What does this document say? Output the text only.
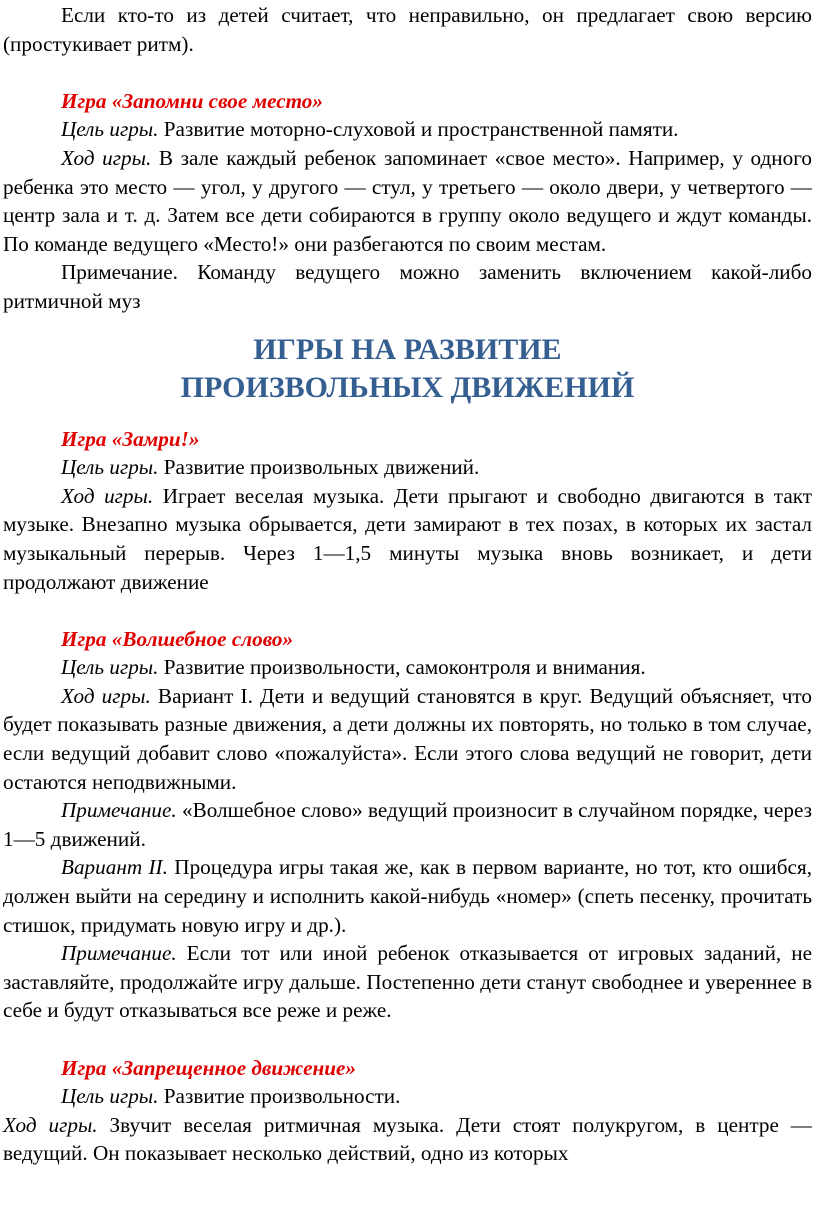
Если кто-то из детей считает, что неправильно, он предлагает свою версию (простукивает ритм).

Игра «Запомни свое место»

Цель игры. Развитие моторно-слуховой и пространственной памяти.

Ход игры. В зале каждый ребенок запоминает «свое место». Например, у одного ребенка это место — угол, у другого — стул, у третьего — около двери, у четвертого — центр зала и т. д. Затем все дети собираются в группу около ведущего и ждут команды. По команде ведущего «Место!» они разбегаются по своим местам.

Примечание. Команду ведущего можно заменить включением какой-либо ритмичной муз

ИГРЫ НА РАЗВИТИЕ
ПРОИЗВОЛЬНЫХ ДВИЖЕНИЙ

Игра «Замри!»

Цель игры. Развитие произвольных движений.

Ход игры. Играет веселая музыка. Дети прыгают и свободно двигаются в такт музыке. Внезапно музыка обрывается, дети замирают в тех позах, в которых их застал музыкальный перерыв. Через 1—1,5 минуты музыка вновь возникает, и дети продолжают движение

Игра «Волшебное слово»

Цель игры. Развитие произвольности, самоконтроля и внимания.

Ход игры. Вариант I. Дети и ведущий становятся в круг. Ведущий объясняет, что будет показывать разные движения, а дети должны их повторять, но только в том случае, если ведущий добавит слово «пожалуйста». Если этого слова ведущий не говорит, дети остаются неподвижными.

Примечание. «Волшебное слово» ведущий произносит в случайном порядке, через 1—5 движений.

Вариант II. Процедура игры такая же, как в первом варианте, но тот, кто ошибся, должен выйти на середину и исполнить какой-нибудь «номер» (спеть песенку, прочитать стишок, придумать новую игру и др.).

Примечание. Если тот или иной ребенок отказывается от игровых заданий, не заставляйте, продолжайте игру дальше. Постепенно дети станут свободнее и увереннее в себе и будут отказываться все реже и реже.

Игра «Запрещенное движение»

Цель игры. Развитие произвольности.

Ход игры. Звучит веселая ритмичная музыка. Дети стоят полукругом, в центре — ведущий. Он показывает несколько действий, одно из которых
